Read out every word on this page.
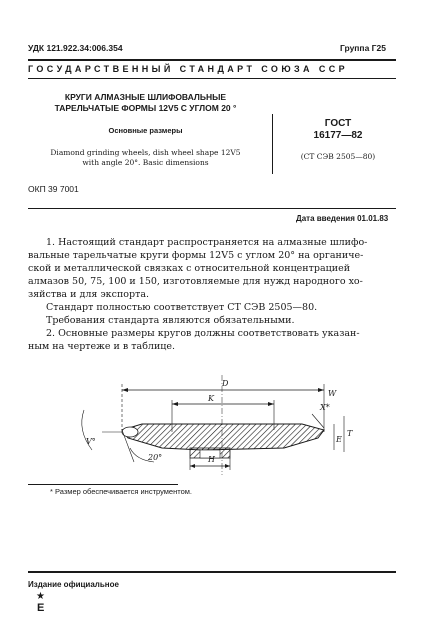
УДК 121.922.34:006.354	Группа Г25
ГОСУДАРСТВЕННЫЙ СТАНДАРТ СОЮЗА ССР
КРУГИ АЛМАЗНЫЕ ШЛИФОВАЛЬНЫЕ
ТАРЕЛЬЧАТЫЕ ФОРМЫ 12V5 С УГЛОМ 20 °
Основные размеры
Diamond grinding wheels, dish wheel shape 12V5
with angle 20°. Basic dimensions
ГОСТ
16177—82
(СТ СЭВ 2505—80)
ОКП 39 7001
Дата введения 01.01.83
1. Настоящий стандарт распространяется на алмазные шлифо-
вальные тарельчатые круги формы 12V5 с углом 20° на органиче-
ской и металлической связках с относительной концентрацией
алмазов 50, 75, 100 и 150, изготовляемые для нужд народного хо-
зяйства и для экспорта.
Стандарт полностью соответствует СТ СЭВ 2505—80.
Требования стандарта являются обязательными.
2. Основные размеры кругов должны соответствовать указан-
ным на чертеже и в таблице.
D
K
W
X*
E
T
H
V°
20°
* Размер обеспечивается инструментом.
Издание официальное
★
Е
